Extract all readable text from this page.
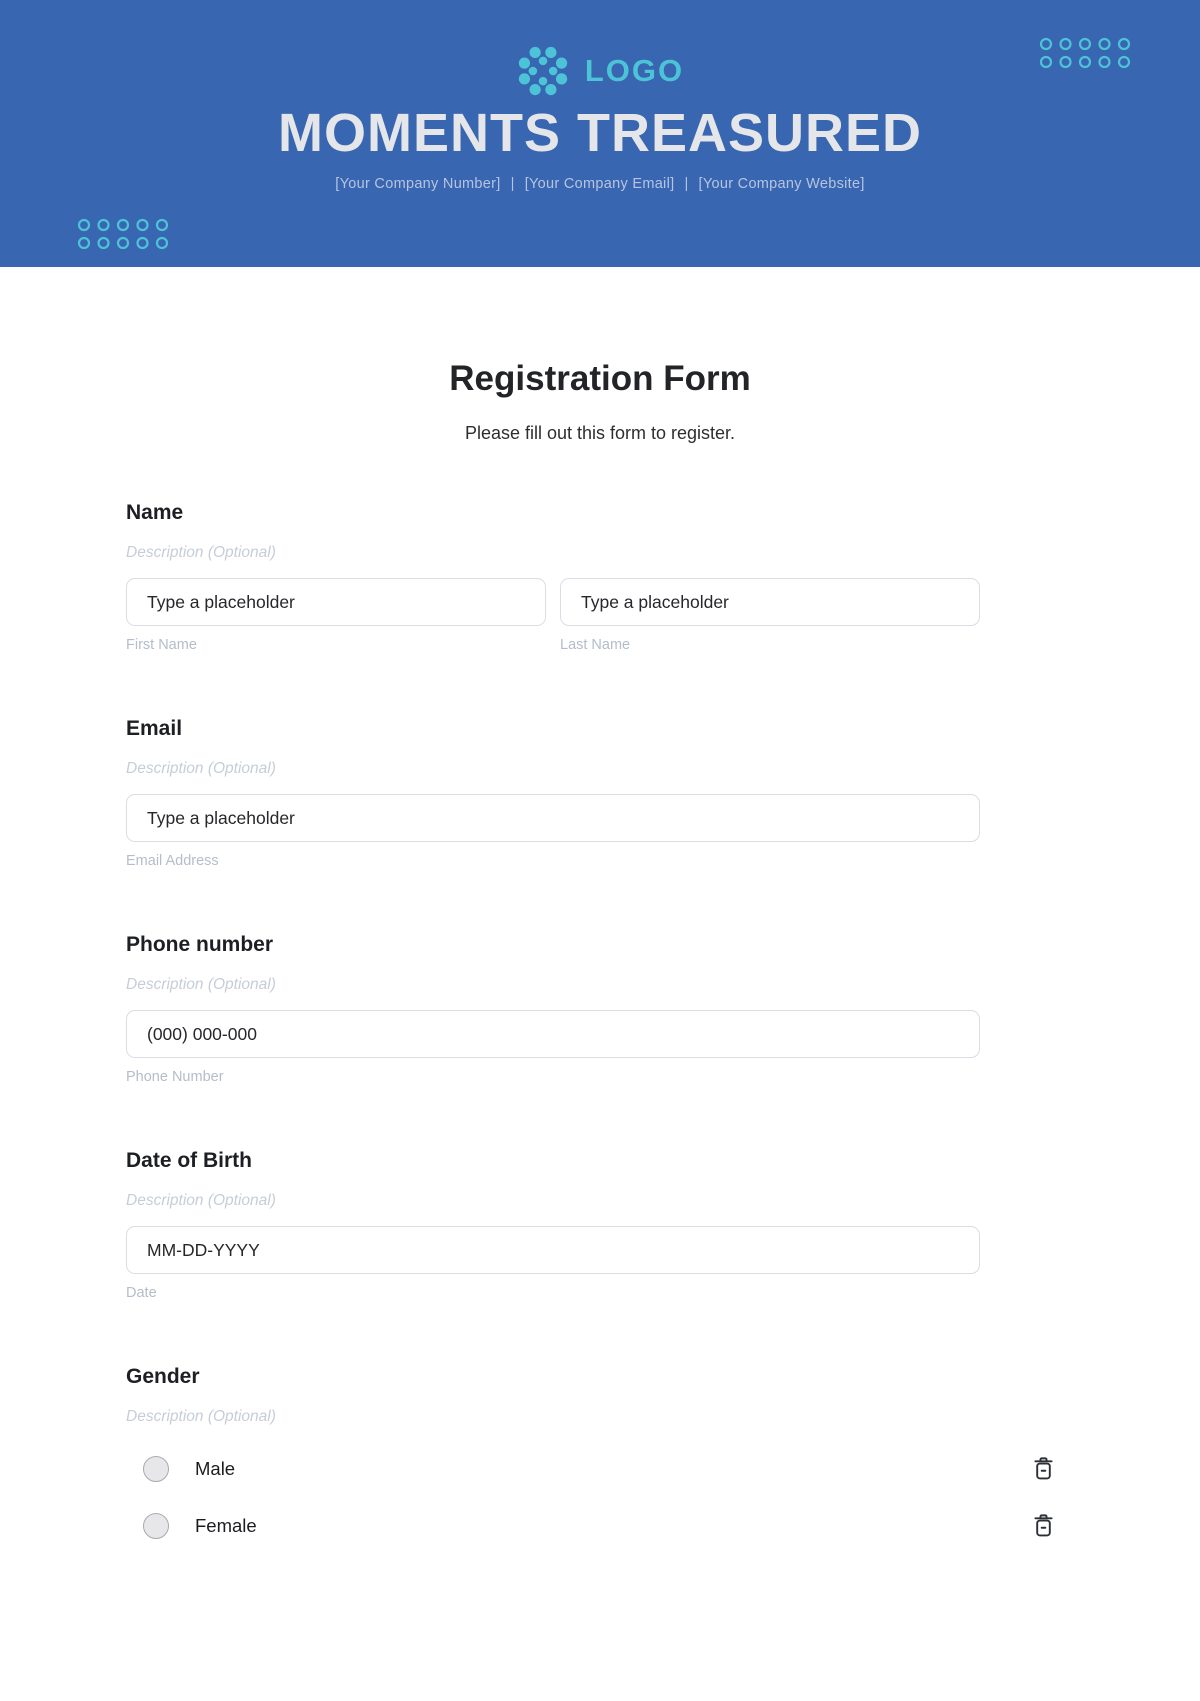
LOGO
MOMENTS TREASURED
[Your Company Number] | [Your Company Email] | [Your Company Website]
Registration Form
Please fill out this form to register.
Name
Description (Optional)
Type a placeholder
First Name
Type a placeholder	Last Name
Email
Description (Optional)
Type a placeholder
Email Address
Phone number
Description (Optional)
(000) 000-000
Phone Number
Date of Birth
Description (Optional)
MM-DD-YYYY
Date
Gender
Description (Optional)
Male
Female
